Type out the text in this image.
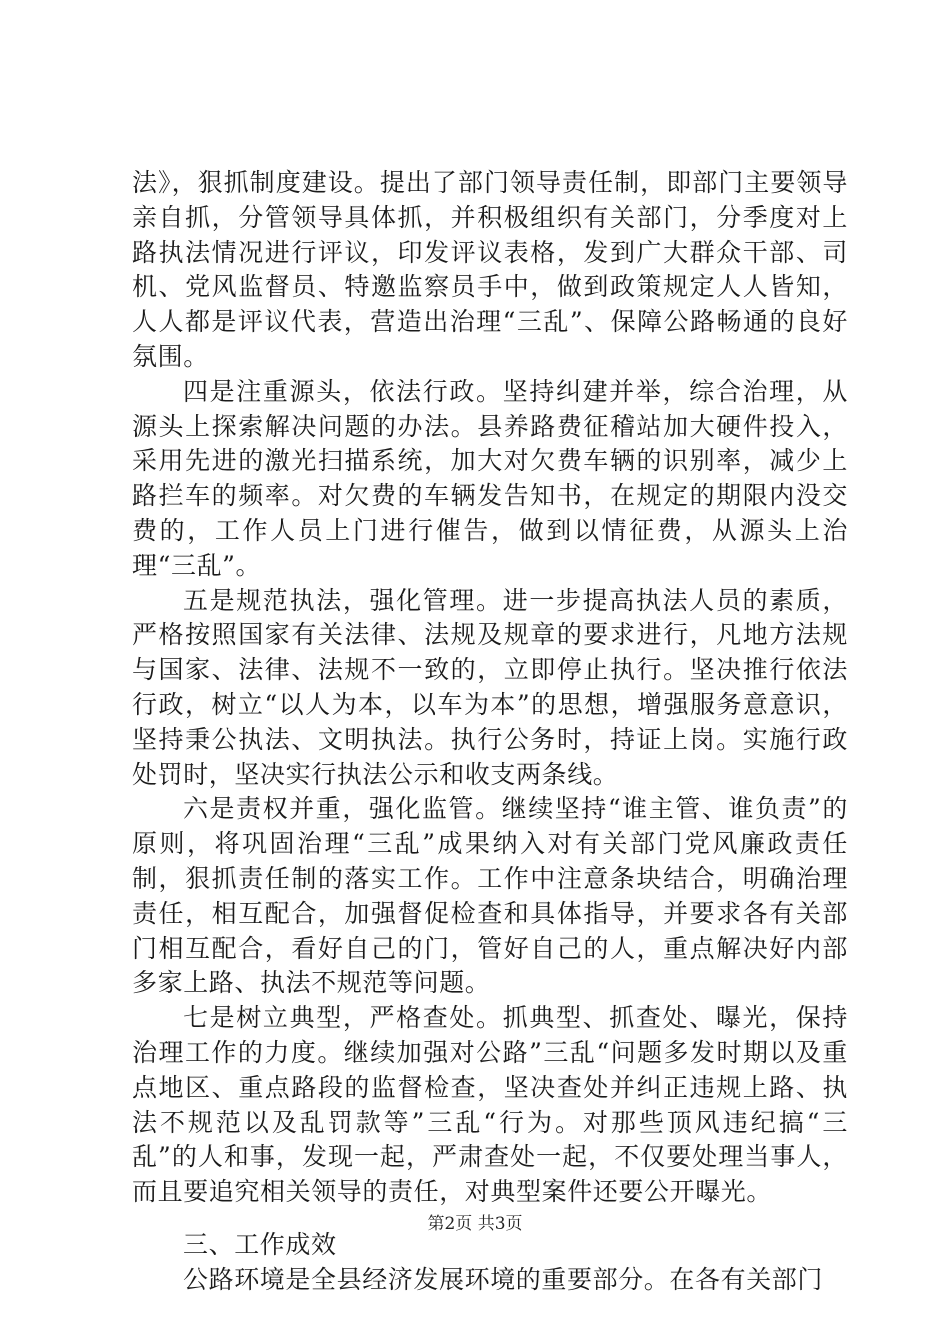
法》，狠抓制度建设。提出了部门领导责任制，即部门主要领导亲自抓，分管领导具体抓，并积极组织有关部门，分季度对上路执法情况进行评议，印发评议表格，发到广大群众干部、司机、党风监督员、特邀监察员手中，做到政策规定人人皆知，人人都是评议代表，营造出治理“三乱”、保障公路畅通的良好氛围。

四是注重源头，依法行政。坚持纠建并举，综合治理，从源头上探索解决问题的办法。县养路费征稽站加大硬件投入，采用先进的激光扫描系统，加大对欠费车辆的识别率，减少上路拦车的频率。对欠费的车辆发告知书，在规定的期限内没交费的，工作人员上门进行催告，做到以情征费，从源头上治理“三乱”。

五是规范执法，强化管理。进一步提高执法人员的素质，严格按照国家有关法律、法规及规章的要求进行，凡地方法规与国家、法律、法规不一致的，立即停止执行。坚决推行依法行政，树立“以人为本，以车为本”的思想，增强服务意意识，坚持秉公执法、文明执法。执行公务时，持证上岗。实施行政处罚时，坚决实行执法公示和收支两条线。

六是责权并重，强化监管。继续坚持“谁主管、谁负责”的原则，将巩固治理“三乱”成果纳入对有关部门党风廉政责任制，狠抓责任制的落实工作。工作中注意条块结合，明确治理责任，相互配合，加强督促检查和具体指导，并要求各有关部门相互配合，看好自己的门，管好自己的人，重点解决好内部多家上路、执法不规范等问题。

七是树立典型，严格查处。抓典型、抓查处、曝光，保持治理工作的力度。继续加强对公路”三乱“问题多发时期以及重点地区、重点路段的监督检查，坚决查处并纠正违规上路、执法不规范以及乱罚款等”三乱“行为。对那些顶风违纪搞“三乱”的人和事，发现一起，严肃查处一起，不仅要处理当事人，而且要追究相关领导的责任，对典型案件还要公开曝光。

三、工作成效

公路环境是全县经济发展环境的重要部分。在各有关部门

第2页 共3页
